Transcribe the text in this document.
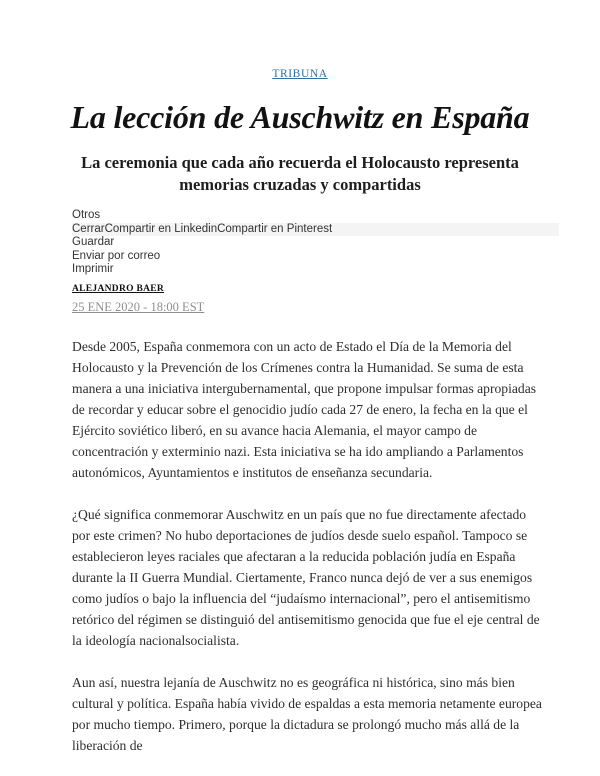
TRIBUNA
La lección de Auschwitz en España
La ceremonia que cada año recuerda el Holocausto representa memorias cruzadas y compartidas
Otros
CerrarCompartir en LinkedinCompartir en Pinterest
Guardar
Enviar por correo
Imprimir
ALEJANDRO BAER
25 ENE 2020 - 18:00 EST

Desde 2005, España conmemora con un acto de Estado el Día de la Memoria del Holocausto y la Prevención de los Crímenes contra la Humanidad. Se suma de esta manera a una iniciativa intergubernamental, que propone impulsar formas apropiadas de recordar y educar sobre el genocidio judío cada 27 de enero, la fecha en la que el Ejército soviético liberó, en su avance hacia Alemania, el mayor campo de concentración y exterminio nazi. Esta iniciativa se ha ido ampliando a Parlamentos autonómicos, Ayuntamientos e institutos de enseñanza secundaria.

¿Qué significa conmemorar Auschwitz en un país que no fue directamente afectado por este crimen? No hubo deportaciones de judíos desde suelo español. Tampoco se establecieron leyes raciales que afectaran a la reducida población judía en España durante la II Guerra Mundial. Ciertamente, Franco nunca dejó de ver a sus enemigos como judíos o bajo la influencia del “judaísmo internacional”, pero el antisemitismo retórico del régimen se distinguió del antisemitismo genocida que fue el eje central de la ideología nacionalsocialista.

Aun así, nuestra lejanía de Auschwitz no es geográfica ni histórica, sino más bien cultural y política. España había vivido de espaldas a esta memoria netamente europea por mucho tiempo. Primero, porque la dictadura se prolongó mucho más allá de la liberación de
